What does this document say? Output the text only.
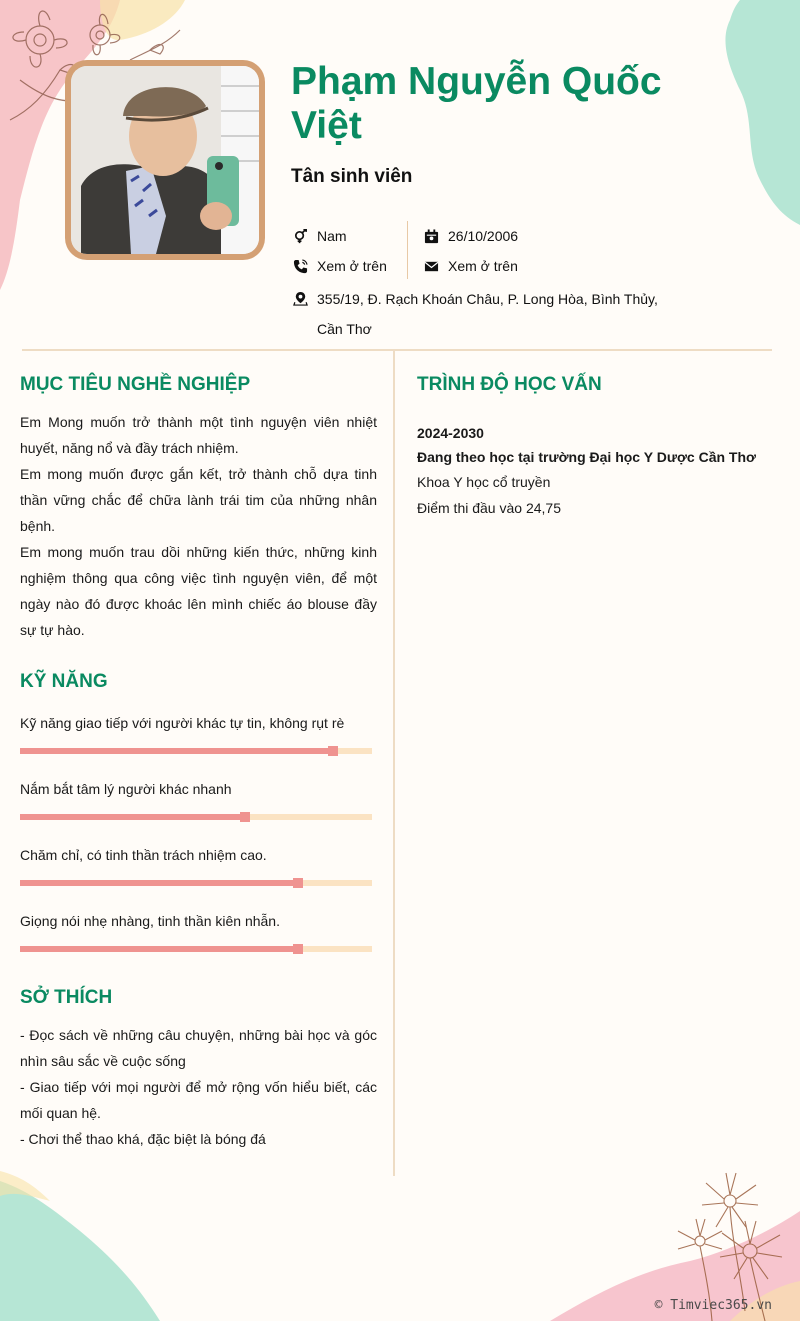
Phạm Nguyễn Quốc Việt
Tân sinh viên
Nam	26/10/2006
Xem ở trên	Xem ở trên
355/19, Đ. Rạch Khoán Châu, P. Long Hòa, Bình Thủy, Cần Thơ
MỤC TIÊU NGHỀ NGHIỆP
Em Mong muốn trở thành một tình nguyện viên nhiệt huyết, năng nổ và đầy trách nhiệm.
Em mong muốn được gắn kết, trở thành chỗ dựa tinh thần vững chắc để chữa lành trái tim của những nhân bệnh.
Em mong muốn trau dồi những kiến thức, những kinh nghiệm thông qua công việc tình nguyện viên, để một ngày nào đó được khoác lên mình chiếc áo blouse đầy sự tự hào.
KỸ NĂNG
Kỹ năng giao tiếp với người khác tự tin, không rụt rè
Nắm bắt tâm lý người khác nhanh
Chăm chỉ, có tinh thần trách nhiệm cao.
Giọng nói nhẹ nhàng, tinh thần kiên nhẫn.
SỞ THÍCH
- Đọc sách về những câu chuyện, những bài học và góc nhìn sâu sắc về cuộc sống
- Giao tiếp với mọi người để mở rộng vốn hiểu biết, các mối quan hệ.
- Chơi thể thao khá, đặc biệt là bóng đá
TRÌNH ĐỘ HỌC VẤN
2024-2030
Đang theo học tại trường Đại học Y Dược Cần Thơ
Khoa Y học cổ truyền
Điểm thi đầu vào 24,75
© Timviec365.vn
